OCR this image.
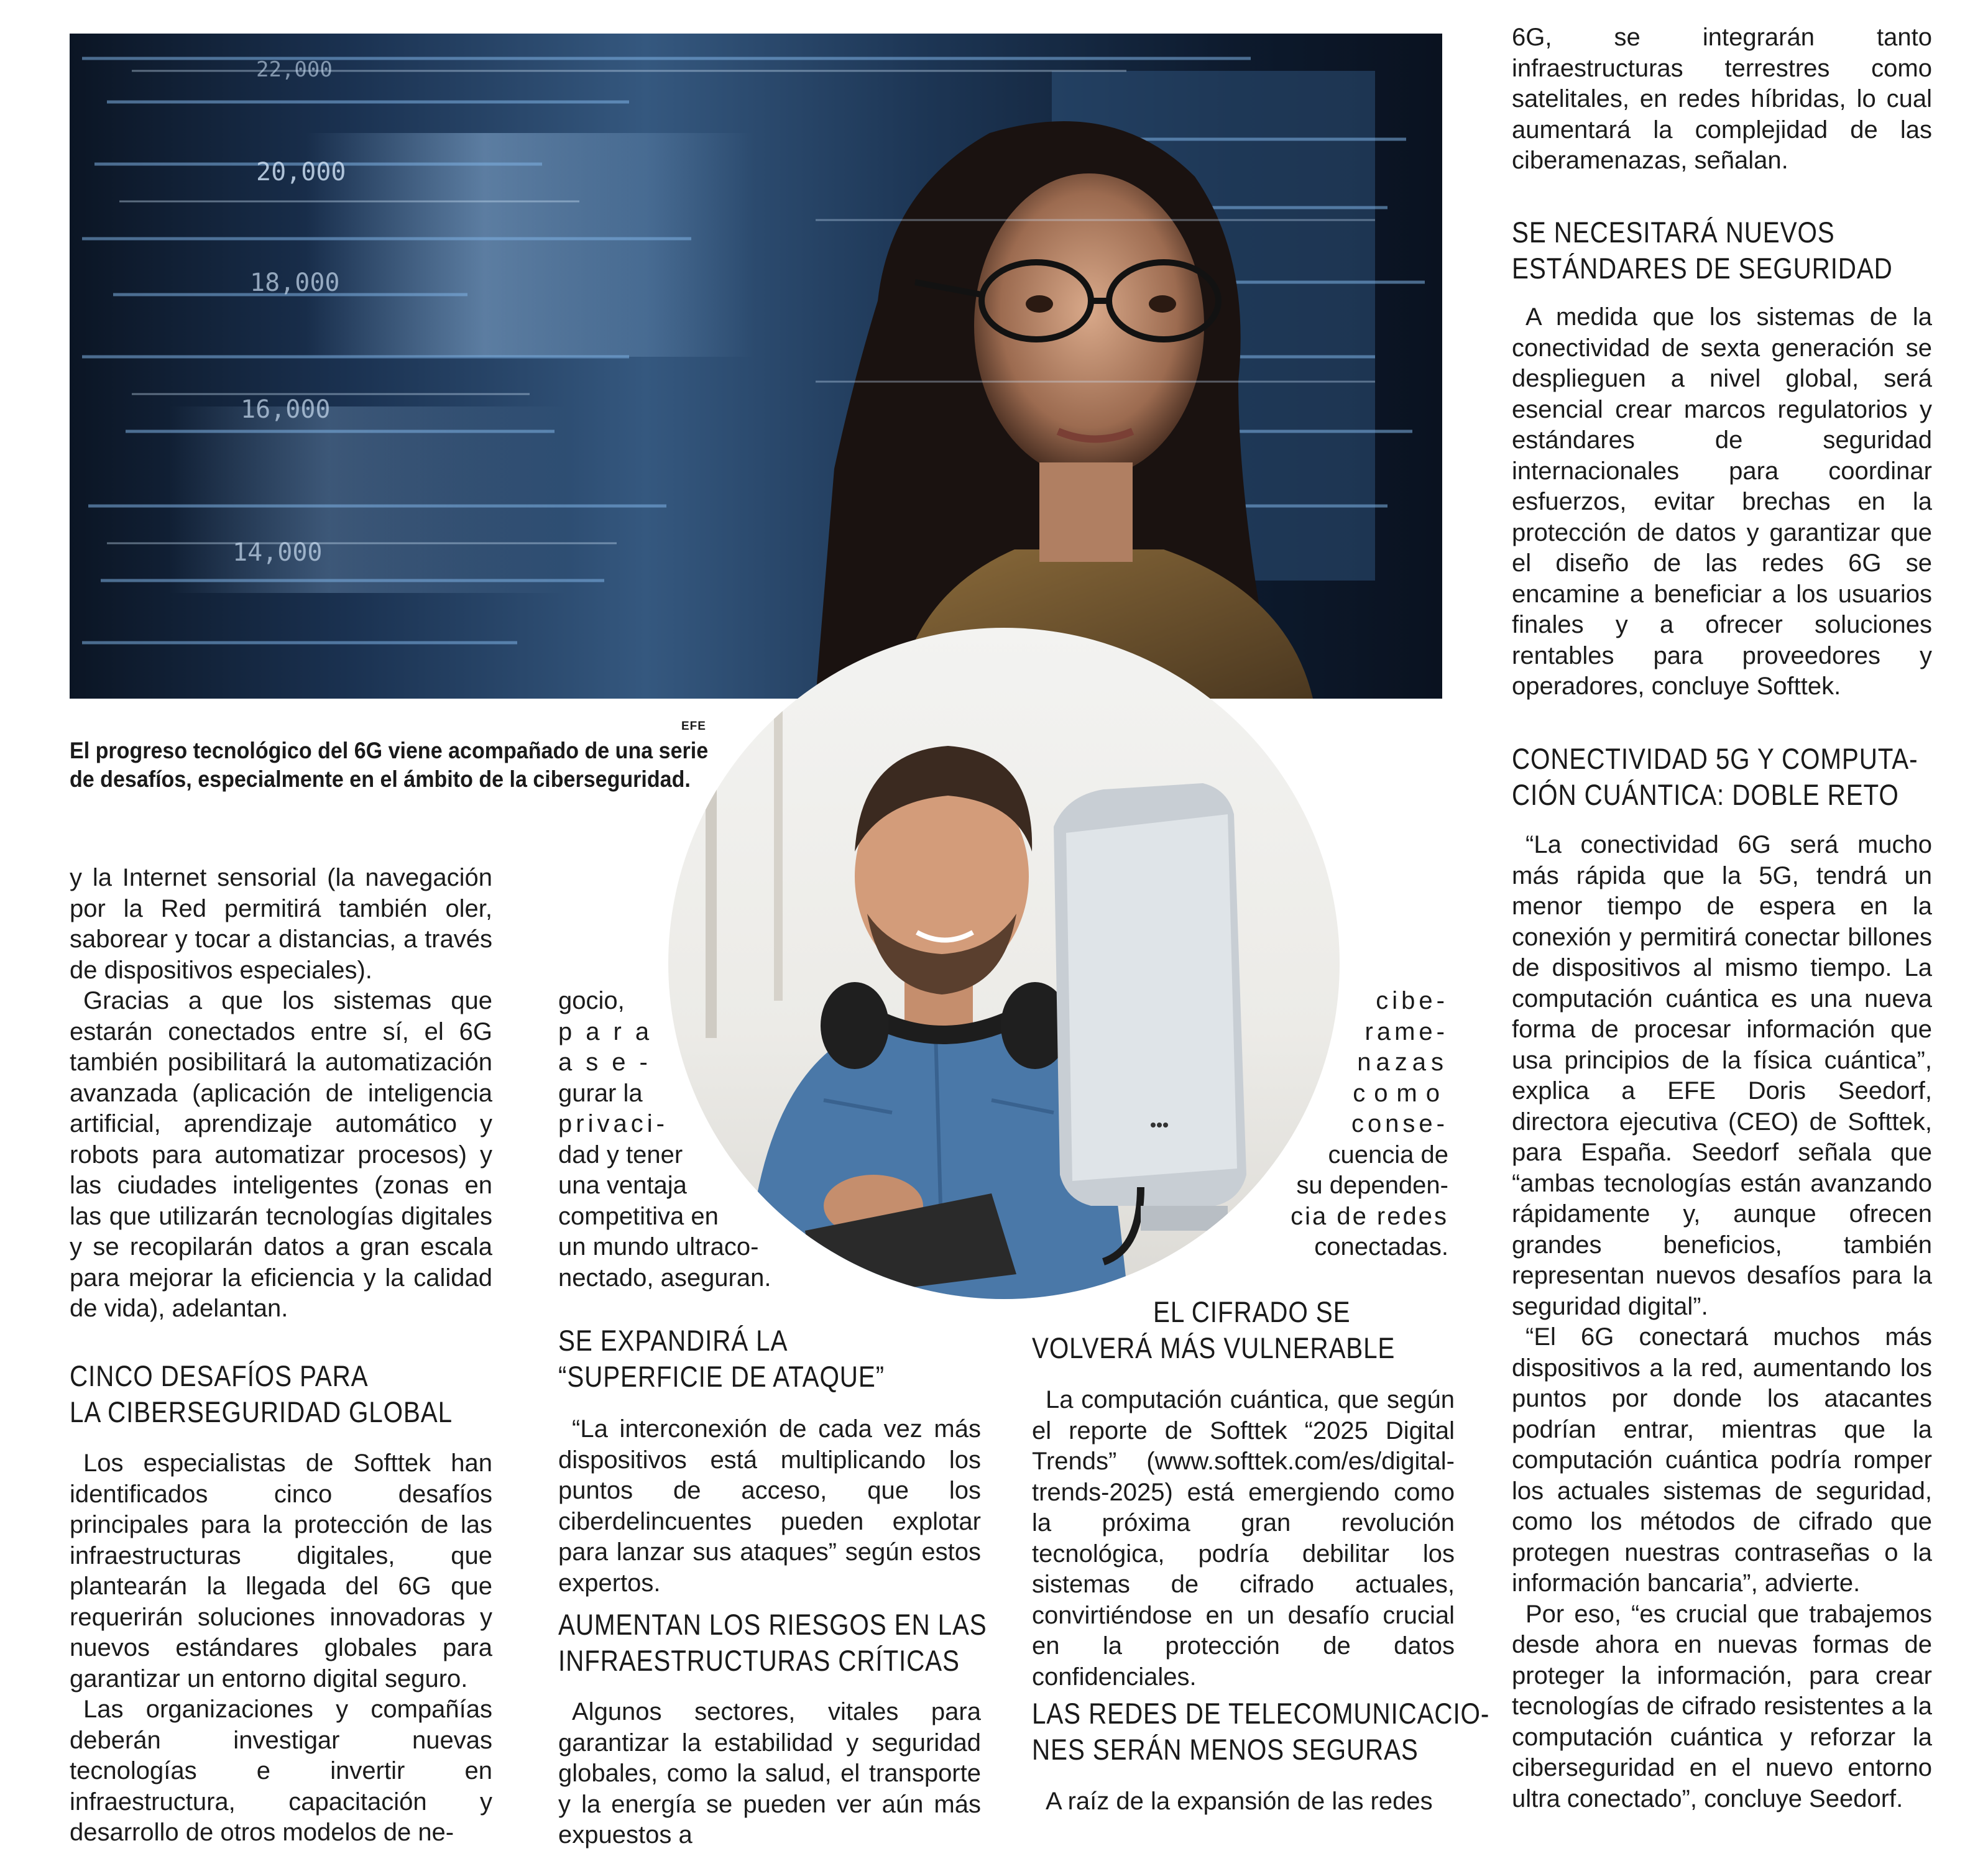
20,000
18,000
16,000
14,000
22,000
EFE
El progreso tecnológico del 6G viene acompañado de una serie
de desafíos, especialmente en el ámbito de la ciberseguridad.

y la Internet sensorial (la navegación por la Red permitirá también oler, saborear y tocar a distancias, a través de dispositivos especiales).

Gracias a que los sistemas que estarán conectados entre sí, el 6G también posibilitará la automatización avanzada (aplicación de inteligencia artificial, aprendizaje automático y robots para automatizar procesos) y las ciudades inteligentes (zonas en las que utilizarán tecnologías digitales y se recopilarán datos a gran escala para mejorar la eficiencia y la calidad de vida), adelantan.

CINCO DESAFÍOS PARA
LA CIBERSEGURIDAD GLOBAL

Los especialistas de Softtek han identificados cinco desafíos principales para la protección de las infraestructuras digitales, que plantearán la llegada del 6G que requerirán soluciones innovadoras y nuevos estándares globales para garantizar un entorno digital seguro.

Las organizaciones y compañías deberán investigar nuevas tecnologías e invertir en infraestructura, capacitación y desarrollo de otros modelos de ne-

gocio,
para
ase-
gurar la
privaci-
dad y tener
una ventaja
competitiva en
un mundo ultraco-
nectado, aseguran.
SE EXPANDIRÁ LA
“SUPERFICIE DE ATAQUE”

“La interconexión de cada vez más dispositivos está multiplicando los puntos de acceso, que los ciberdelincuentes pueden explotar para lanzar sus ataques” según estos expertos.

AUMENTAN LOS RIESGOS EN LAS
INFRAESTRUCTURAS CRÍTICAS

Algunos sectores, vitales para garantizar la estabilidad y seguridad globales, como la salud, el transporte y la energía se pueden ver aún más expuestos a

cibe-
rame-
nazas
como
conse-
cuencia de
su dependen-
cia de redes
conectadas.
EL CIFRADO SE
VOLVERÁ MÁS VULNERABLE

La computación cuántica, que según el reporte de Softtek “2025 Digital Trends” (www.softtek.com/es/digital-trends-2025) está emergiendo como la próxima gran revolución tecnológica, podría debilitar los sistemas de cifrado actuales, convirtiéndose en un desafío crucial en la protección de datos confidenciales.

LAS REDES DE TELECOMUNICACIO-
NES SERÁN MENOS SEGURAS

A raíz de la expansión de las redes

6G, se integrarán tanto infraestructuras terrestres como satelitales, en redes híbridas, lo cual aumentará la complejidad de las ciberamenazas, señalan.

SE NECESITARÁ NUEVOS
ESTÁNDARES DE SEGURIDAD

A medida que los sistemas de la conectividad de sexta generación se desplieguen a nivel global, será esencial crear marcos regulatorios y estándares de seguridad internacionales para coordinar esfuerzos, evitar brechas en la protección de datos y garantizar que el diseño de las redes 6G se encamine a beneficiar a los usuarios finales y a ofrecer soluciones rentables para proveedores y operadores, concluye Softtek.

CONECTIVIDAD 5G Y COMPUTA-
CIÓN CUÁNTICA: DOBLE RETO

“La conectividad 6G será mucho más rápida que la 5G, tendrá un menor tiempo de espera en la conexión y permitirá conectar billones de dispositivos al mismo tiempo. La computación cuántica es una nueva forma de procesar información que usa principios de la física cuántica”, explica a EFE Doris Seedorf, directora ejecutiva (CEO) de Softtek, para España. Seedorf señala que “ambas tecnologías están avanzando rápidamente y, aunque ofrecen grandes beneficios, también representan nuevos desafíos para la seguridad digital”.

“El 6G conectará muchos más dispositivos a la red, aumentando los puntos por donde los atacantes podrían entrar, mientras que la computación cuántica podría romper los actuales sistemas de seguridad, como los métodos de cifrado que protegen nuestras contraseñas o la información bancaria”, advierte.

Por eso, “es crucial que trabajemos desde ahora en nuevas formas de proteger la información, para crear tecnologías de cifrado resistentes a la computación cuántica y reforzar la ciberseguridad en el nuevo entorno ultra conectado”, concluye Seedorf.
